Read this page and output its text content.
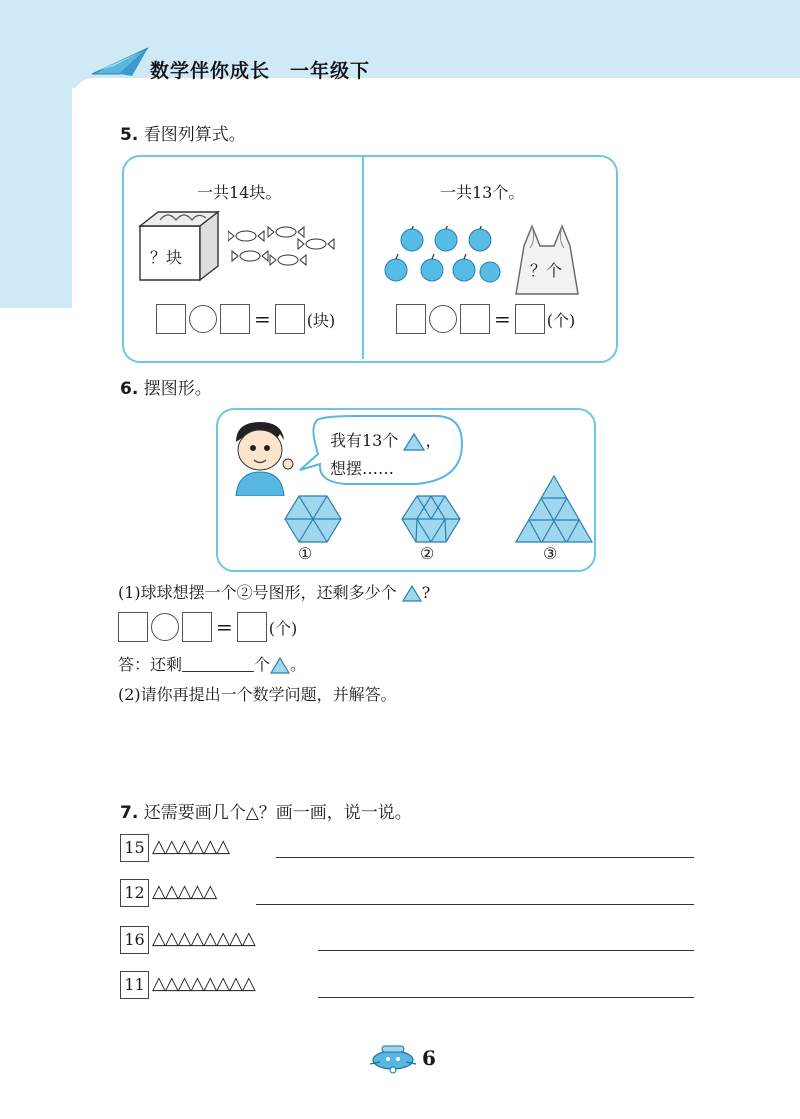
数学伴你成长　一年级下
5. 看图列算式。
一共14块。
？块
= (块)
一共13个。
？个
= (个)
6. 摆图形。
我有13个 ，
想摆……
①	②	③
(1)球球想摆一个②号图形，还剩多少个 ?
= (个)
答：还剩	个 。
(2)请你再提出一个数学问题，并解答。
7. 还需要画几个△？画一画，说一说。
15 △△△△△△
12 △△△△△
16 △△△△△△△△
11 △△△△△△△△
6
